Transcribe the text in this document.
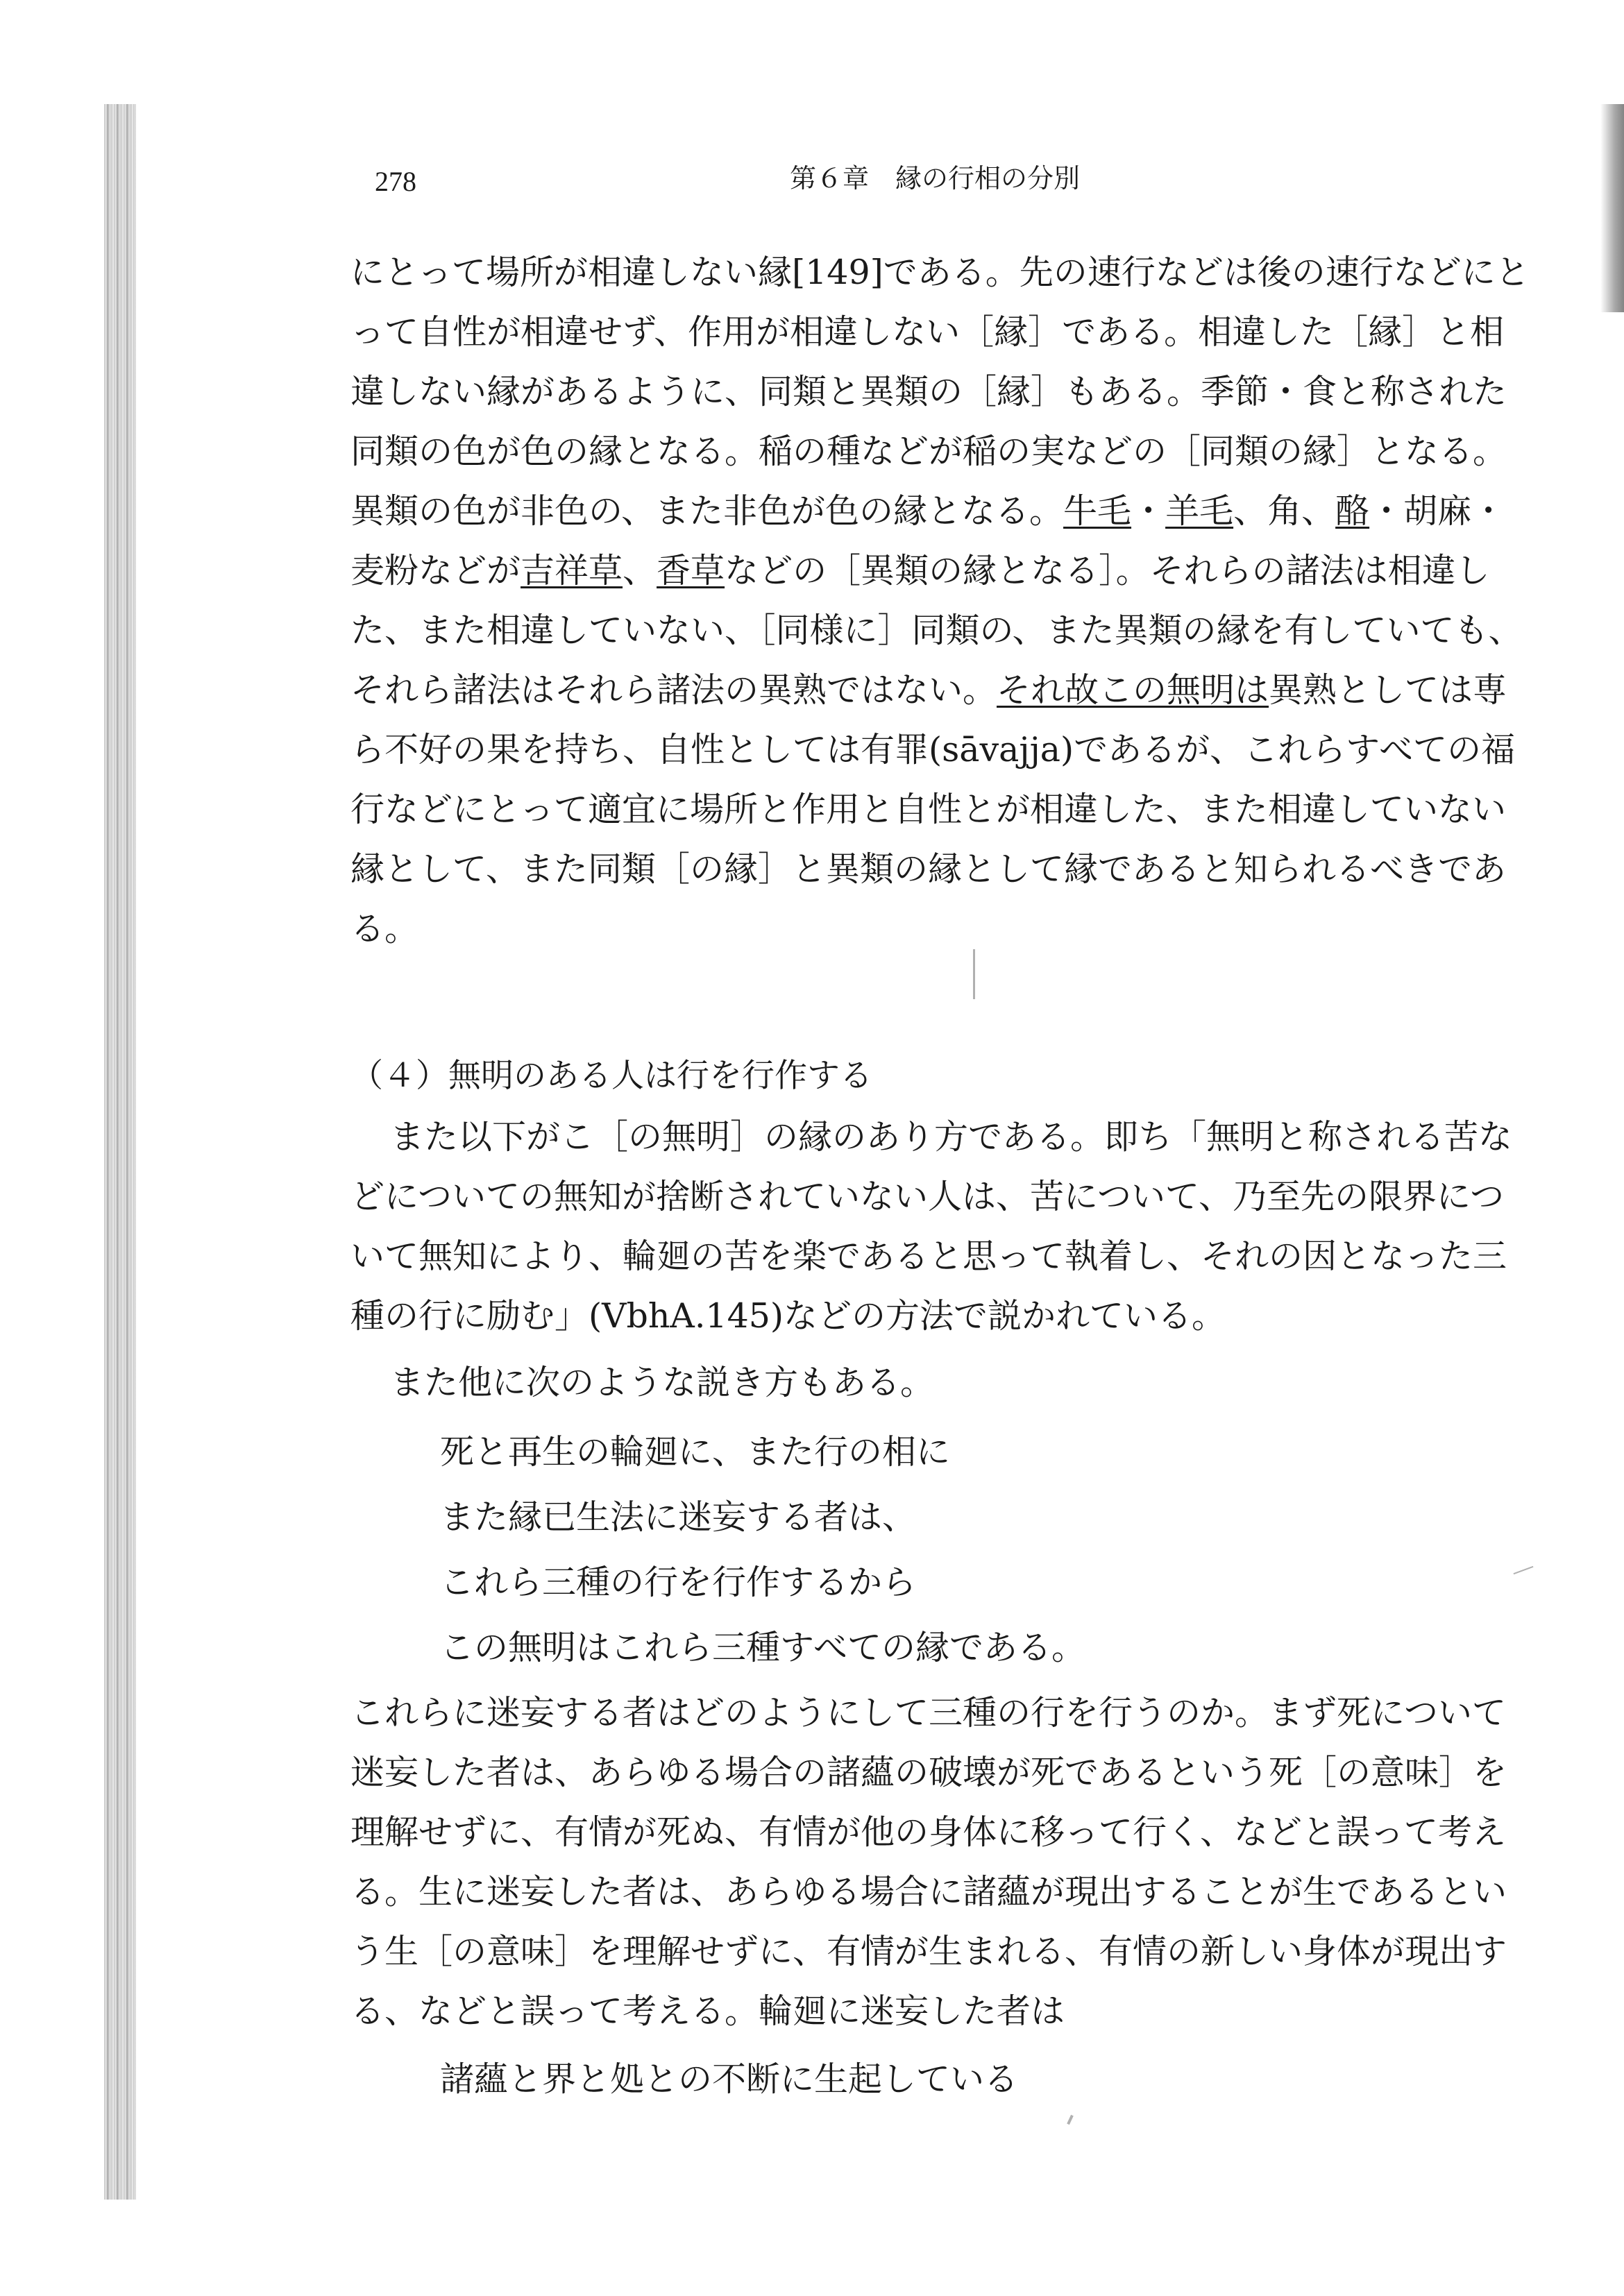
278	第６章　縁の行相の分別
にとって場所が相違しない縁[149]である。先の速行などは後の速行などにと
って自性が相違せず、作用が相違しない［縁］である。相違した［縁］と相
違しない縁があるように、同類と異類の［縁］もある。季節・食と称された
同類の色が色の縁となる。稲の種などが稲の実などの［同類の縁］となる。
異類の色が非色の、また非色が色の縁となる。牛毛・羊毛、角、酪・胡麻・
麦粉などが吉祥草、香草などの［異類の縁となる］。それらの諸法は相違し
た、また相違していない、［同様に］同類の、また異類の縁を有していても、
それら諸法はそれら諸法の異熟ではない。それ故この無明は異熟としては専
ら不好の果を持ち、自性としては有罪(sāvajja)であるが、これらすべての福
行などにとって適宜に場所と作用と自性とが相違した、また相違していない
縁として、また同類［の縁］と異類の縁として縁であると知られるべきであ
る。
（４）無明のある人は行を行作する
また以下がこ［の無明］の縁のあり方である。即ち「無明と称される苦な
どについての無知が捨断されていない人は、苦について、乃至先の限界につ
いて無知により、輪廻の苦を楽であると思って執着し、それの因となった三
種の行に励む」(VbhA.145)などの方法で説かれている。
また他に次のような説き方もある。
死と再生の輪廻に、また行の相に
また縁已生法に迷妄する者は、
これら三種の行を行作するから
この無明はこれら三種すべての縁である。
これらに迷妄する者はどのようにして三種の行を行うのか。まず死について
迷妄した者は、あらゆる場合の諸蘊の破壊が死であるという死［の意味］を
理解せずに、有情が死ぬ、有情が他の身体に移って行く、などと誤って考え
る。生に迷妄した者は、あらゆる場合に諸蘊が現出することが生であるとい
う生［の意味］を理解せずに、有情が生まれる、有情の新しい身体が現出す
る、などと誤って考える。輪廻に迷妄した者は
諸蘊と界と処との不断に生起している
